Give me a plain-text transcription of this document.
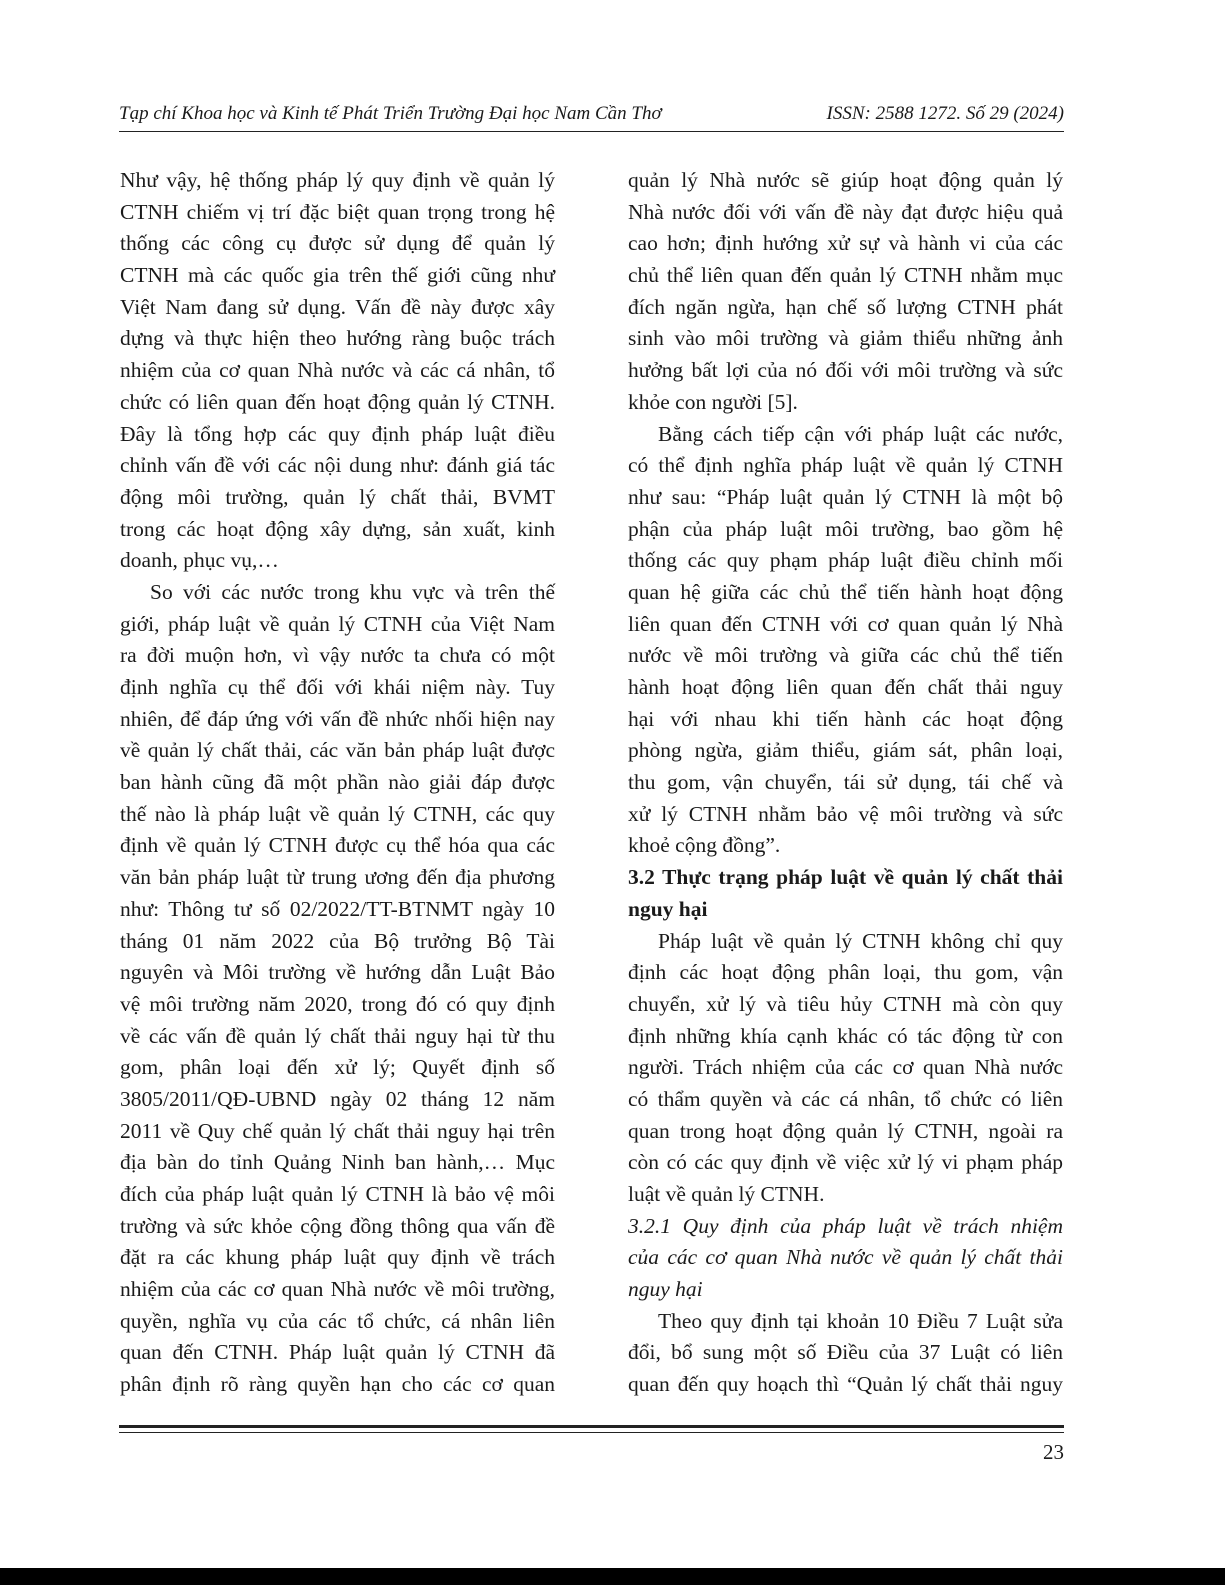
Tạp chí Khoa học và Kinh tế Phát Triển Trường Đại học Nam Cần Thơ	ISSN: 2588 1272. Số 29 (2024)
Như vậy, hệ thống pháp lý quy định về quản lý
CTNH chiếm vị trí đặc biệt quan trọng trong hệ
thống các công cụ được sử dụng để quản lý
CTNH mà các quốc gia trên thế giới cũng như
Việt Nam đang sử dụng. Vấn đề này được xây
dựng và thực hiện theo hướng ràng buộc trách
nhiệm của cơ quan Nhà nước và các cá nhân, tổ
chức có liên quan đến hoạt động quản lý CTNH.
Đây là tổng hợp các quy định pháp luật điều
chỉnh vấn đề với các nội dung như: đánh giá tác
động môi trường, quản lý chất thải, BVMT
trong các hoạt động xây dựng, sản xuất, kinh
doanh, phục vụ,…
So với các nước trong khu vực và trên thế
giới, pháp luật về quản lý CTNH của Việt Nam
ra đời muộn hơn, vì vậy nước ta chưa có một
định nghĩa cụ thể đối với khái niệm này. Tuy
nhiên, để đáp ứng với vấn đề nhức nhối hiện nay
về quản lý chất thải, các văn bản pháp luật được
ban hành cũng đã một phần nào giải đáp được
thế nào là pháp luật về quản lý CTNH, các quy
định về quản lý CTNH được cụ thể hóa qua các
văn bản pháp luật từ trung ương đến địa phương
như: Thông tư số 02/2022/TT-BTNMT ngày 10
tháng 01 năm 2022 của Bộ trưởng Bộ Tài
nguyên và Môi trường về hướng dẫn Luật Bảo
vệ môi trường năm 2020, trong đó có quy định
về các vấn đề quản lý chất thải nguy hại từ thu
gom, phân loại đến xử lý; Quyết định số
3805/2011/QĐ-UBND ngày 02 tháng 12 năm
2011 về Quy chế quản lý chất thải nguy hại trên
địa bàn do tỉnh Quảng Ninh ban hành,… Mục
đích của pháp luật quản lý CTNH là bảo vệ môi
trường và sức khỏe cộng đồng thông qua vấn đề
đặt ra các khung pháp luật quy định về trách
nhiệm của các cơ quan Nhà nước về môi trường,
quyền, nghĩa vụ của các tổ chức, cá nhân liên
quan đến CTNH. Pháp luật quản lý CTNH đã
phân định rõ ràng quyền hạn cho các cơ quan
quản lý Nhà nước sẽ giúp hoạt động quản lý
Nhà nước đối với vấn đề này đạt được hiệu quả
cao hơn; định hướng xử sự và hành vi của các
chủ thể liên quan đến quản lý CTNH nhằm mục
đích ngăn ngừa, hạn chế số lượng CTNH phát
sinh vào môi trường và giảm thiểu những ảnh
hưởng bất lợi của nó đối với môi trường và sức
khỏe con người [5].
Bằng cách tiếp cận với pháp luật các nước,
có thể định nghĩa pháp luật về quản lý CTNH
như sau: “Pháp luật quản lý CTNH là một bộ
phận của pháp luật môi trường, bao gồm hệ
thống các quy phạm pháp luật điều chỉnh mối
quan hệ giữa các chủ thể tiến hành hoạt động
liên quan đến CTNH với cơ quan quản lý Nhà
nước về môi trường và giữa các chủ thể tiến
hành hoạt động liên quan đến chất thải nguy
hại với nhau khi tiến hành các hoạt động
phòng ngừa, giảm thiểu, giám sát, phân loại,
thu gom, vận chuyển, tái sử dụng, tái chế và
xử lý CTNH nhằm bảo vệ môi trường và sức
khoẻ cộng đồng”.
3.2 Thực trạng pháp luật về quản lý chất thải
nguy hại
Pháp luật về quản lý CTNH không chỉ quy
định các hoạt động phân loại, thu gom, vận
chuyển, xử lý và tiêu hủy CTNH mà còn quy
định những khía cạnh khác có tác động từ con
người. Trách nhiệm của các cơ quan Nhà nước
có thẩm quyền và các cá nhân, tổ chức có liên
quan trong hoạt động quản lý CTNH, ngoài ra
còn có các quy định về việc xử lý vi phạm pháp
luật về quản lý CTNH.
3.2.1 Quy định của pháp luật về trách nhiệm
của các cơ quan Nhà nước về quản lý chất thải
nguy hại
Theo quy định tại khoản 10 Điều 7 Luật sửa
đổi, bổ sung một số Điều của 37 Luật có liên
quan đến quy hoạch thì “Quản lý chất thải nguy
23
